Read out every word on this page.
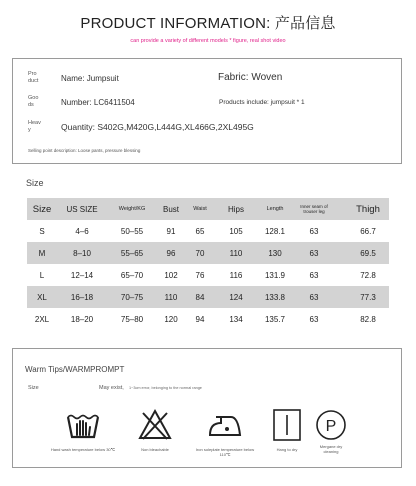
PRODUCT INFORMATION: 产品信息
can provide a variety of different models * figure, real shot video
Pro
duct	Name: Jumpsuit	Fabric: Woven
Goo
ds	Number: LC6411504	Products include: jumpsuit * 1
Heav
y	Quantity: S402G,M420G,L444G,XL466G,2XL495G
Selling point description: Loose pants, pressure blessing
Size
Size	US SIZE	Weight/KG	Bust	Waist	Hips	Length	Inner seam of
trouser leg		Thigh
S	4–6	50–55	91	65	105	128.1	63		66.7
M	8–10	55–65	96	70	110	130	63		69.5
L	12–14	65–70	102	76	116	131.9	63		72.8
XL	16–18	70–75	110	84	124	133.8	63		77.3
2XL	18–20	75–80	120	94	134	135.7	63		82.8
Warm Tips/WARMPROMPT
Size	May exist, 1~3cm error, belonging to the normal range
Hand wash temperature below 30℃	Non bleachable	Iron soleplate temperature below 110℃
Hang to dry
P
Mergane dry
cleaning
